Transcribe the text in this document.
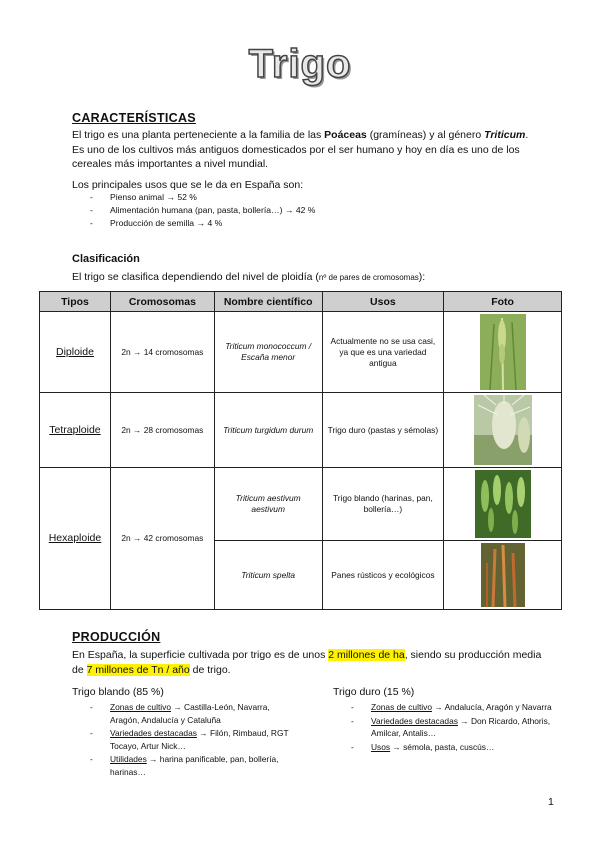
Trigo
CARACTERÍSTICAS
El trigo es una planta perteneciente a la familia de las Poáceas (gramíneas) y al género Triticum. Es uno de los cultivos más antiguos domesticados por el ser humano y hoy en día es uno de los cereales más importantes a nivel mundial.
Los principales usos que se le da en España son:
- Pienso animal → 52 %
- Alimentación humana (pan, pasta, bollería…) → 42 %
- Producción de semilla → 4 %
Clasificación
El trigo se clasifica dependiendo del nivel de ploidía (nº de pares de cromosomas):
Tipos	Cromosomas	Nombre científico	Usos	Foto
Diploide	2n → 14 cromosomas	Triticum monococcum / Escaña menor	Actualmente no se usa casi, ya que es una variedad antigua	

Tetraploide	2n → 28 cromosomas	Triticum turgidum durum	Trigo duro (pastas y sémolas)	

Hexaploide	2n → 42 cromosomas	Triticum aestivum aestivum	Trigo blando (harinas, pan, bollería…)	

		Triticum spelta	Panes rústicos y ecológicos	
PRODUCCIÓN
En España, la superficie cultivada por trigo es de unos 2 millones de ha, siendo su producción media de 7 millones de Tn / año de trigo.
Trigo blando (85 %)
- Zonas de cultivo → Castilla-León, Navarra, Aragón, Andalucía y Cataluña
- Variedades destacadas → Filón, Rimbaud, RGT Tocayo, Artur Nick…
- Utilidades → harina panificable, pan, bollería, harinas…
Trigo duro (15 %)
- Zonas de cultivo → Andalucía, Aragón y Navarra
- Variedades destacadas → Don Ricardo, Athoris, Amilcar, Antalis…
- Usos → sémola, pasta, cuscús…
1
